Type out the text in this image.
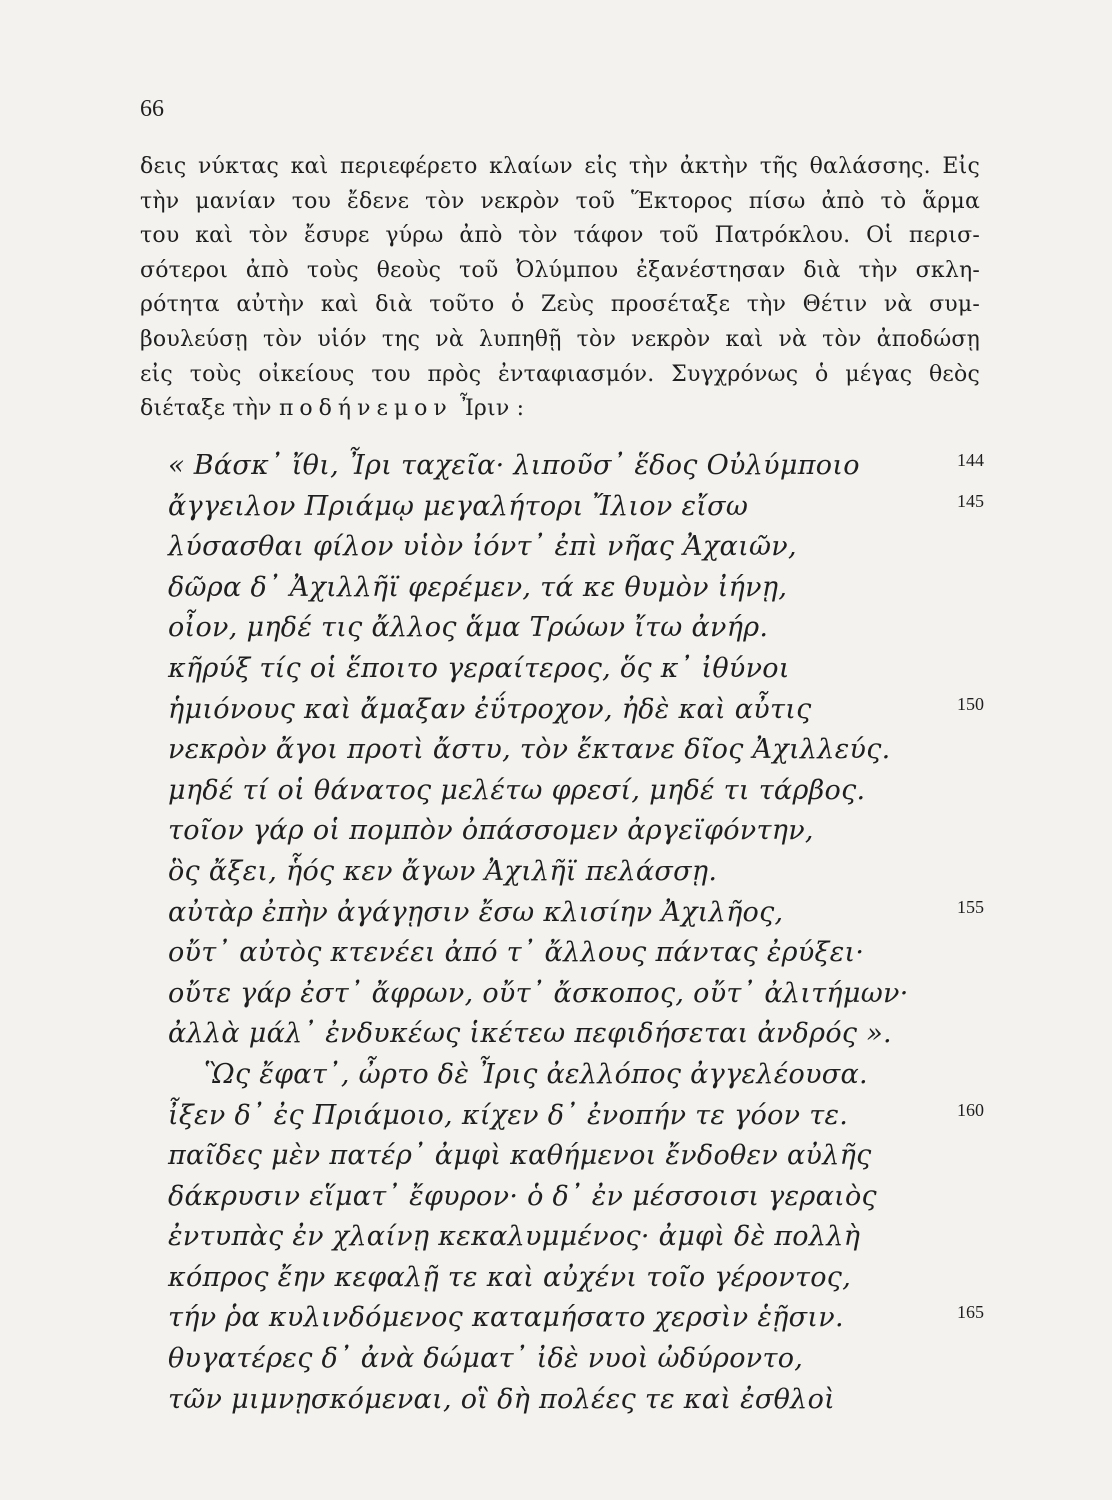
66
δεις νύκτας καὶ περιεφέρετο κλαίων εἰς τὴν ἀκτὴν τῆς θαλάσσης. Εἰς
τὴν μανίαν του ἔδενε τὸν νεκρὸν τοῦ Ἕκτορος πίσω ἀπὸ τὸ ἅρμα
του καὶ τὸν ἔσυρε γύρω ἀπὸ τὸν τάφον τοῦ Πατρόκλου. Οἱ περισ-
σότεροι ἀπὸ τοὺς θεοὺς τοῦ Ὀλύμπου ἐξανέστησαν διὰ τὴν σκλη-
ρότητα αὐτὴν καὶ διὰ τοῦτο ὁ Ζεὺς προσέταξε τὴν Θέτιν νὰ συμ-
βουλεύσῃ τὸν υἱόν της νὰ λυπηθῇ τὸν νεκρὸν καὶ νὰ τὸν ἀποδώσῃ
εἰς τοὺς οἰκείους του πρὸς ἐνταφιασμόν. Συγχρόνως ὁ μέγας θεὸς
διέταξε τὴν ποδήνεμον Ἶριν :
« Βάσκ᾽ ἴθι, Ἶρι ταχεῖα· λιποῦσ᾽ ἕδος Οὐλύμποιο	144
ἄγγειλον Πριάμῳ μεγαλήτορι Ἴλιον εἴσω	145
λύσασθαι φίλον υἱὸν ἰόντ᾽ ἐπὶ νῆας Ἀχαιῶν,
δῶρα δ᾽ Ἀχιλλῆϊ φερέμεν, τά κε θυμὸν ἰήνῃ,
οἶον, μηδέ τις ἄλλος ἅμα Τρώων ἴτω ἀνήρ.
κῆρύξ τίς οἱ ἕποιτο γεραίτερος, ὅς κ᾽ ἰθύνοι
ἡμιόνους καὶ ἄμαξαν ἐΰτροχον, ἠδὲ καὶ αὖτις	150
νεκρὸν ἄγοι προτὶ ἄστυ, τὸν ἔκτανε δῖος Ἀχιλλεύς.
μηδέ τί οἱ θάνατος μελέτω φρεσί, μηδέ τι τάρβος.
τοῖον γάρ οἱ πομπὸν ὀπάσσομεν ἀργεϊφόντην,
ὃς ἄξει, ἧός κεν ἄγων Ἀχιλῆϊ πελάσσῃ.
αὐτὰρ ἐπὴν ἀγάγῃσιν ἔσω κλισίην Ἀχιλῆος,	155
οὔτ᾽ αὐτὸς κτενέει ἀπό τ᾽ ἄλλους πάντας ἐρύξει·
οὔτε γάρ ἐστ᾽ ἄφρων, οὔτ᾽ ἄσκοπος, οὔτ᾽ ἀλιτήμων·
ἀλλὰ μάλ᾽ ἐνδυκέως ἱκέτεω πεφιδήσεται ἀνδρός ».
Ὣς ἔφατ᾽, ὦρτο δὲ Ἶρις ἀελλόπος ἀγγελέουσα.
ἶξεν δ᾽ ἐς Πριάμοιο, κίχεν δ᾽ ἐνοπήν τε γόον τε.	160
παῖδες μὲν πατέρ᾽ ἀμφὶ καθήμενοι ἔνδοθεν αὐλῆς
δάκρυσιν εἵματ᾽ ἔφυρον· ὁ δ᾽ ἐν μέσσοισι γεραιὸς
ἐντυπὰς ἐν χλαίνῃ κεκαλυμμένος· ἀμφὶ δὲ πολλὴ
κόπρος ἔην κεφαλῇ τε καὶ αὐχένι τοῖο γέροντος,
τήν ῥα κυλινδόμενος καταμήσατο χερσὶν ἑῇσιν.	165
θυγατέρες δ᾽ ἀνὰ δώματ᾽ ἰδὲ νυοὶ ὠδύροντο,
τῶν μιμνῃσκόμεναι, οἳ δὴ πολέες τε καὶ ἐσθλοὶ
